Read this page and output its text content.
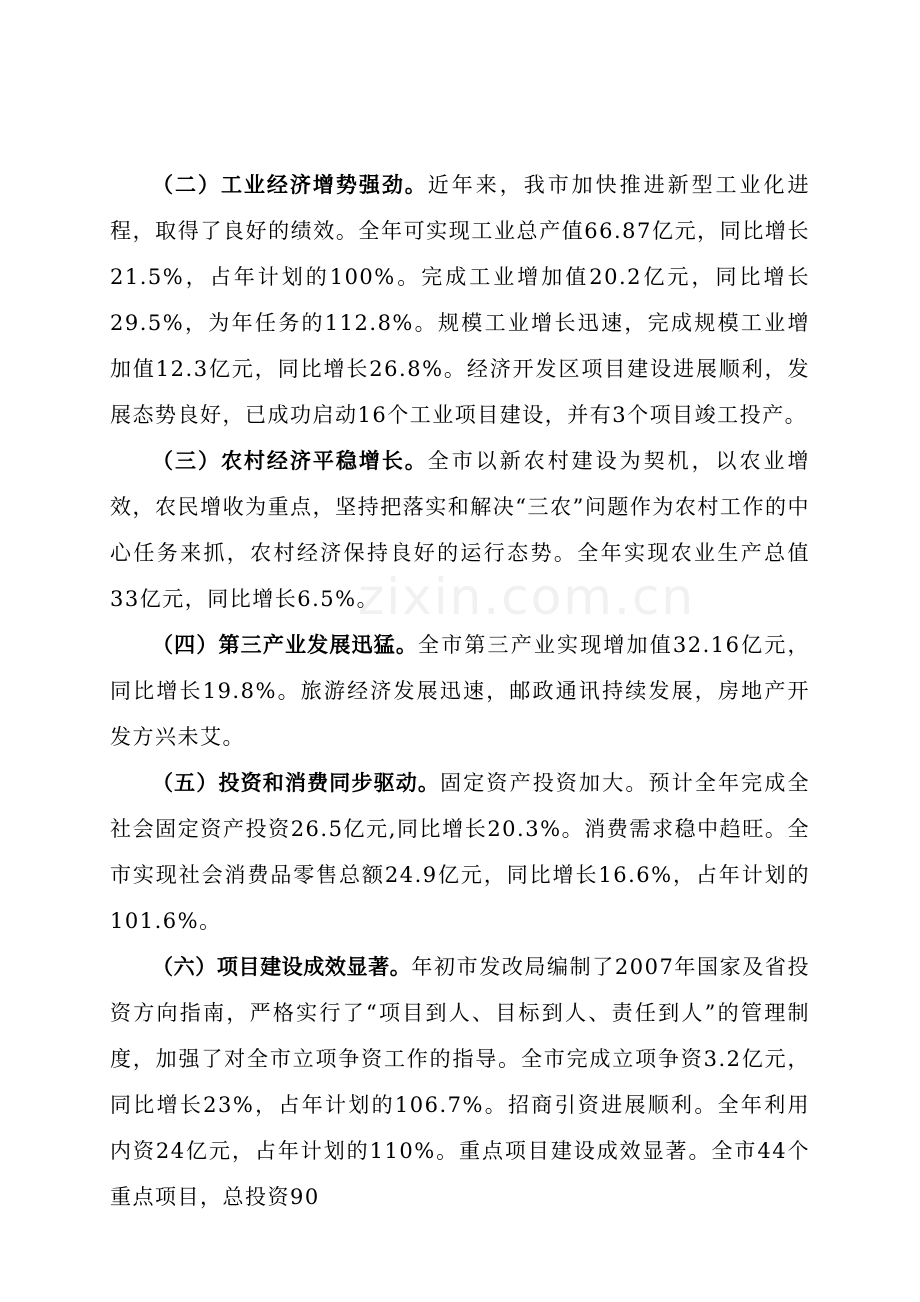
zixin.com.cn

（二）工业经济增势强劲。近年来，我市加快推进新型工业化进程，取得了良好的绩效。全年可实现工业总产值66.87亿元，同比增长21.5%，占年计划的100%。完成工业增加值20.2亿元，同比增长29.5%，为年任务的112.8%。规模工业增长迅速，完成规模工业增加值12.3亿元，同比增长26.8%。经济开发区项目建设进展顺利，发展态势良好，已成功启动16个工业项目建设，并有3个项目竣工投产。

（三）农村经济平稳增长。全市以新农村建设为契机，以农业增效，农民增收为重点，坚持把落实和解决“三农”问题作为农村工作的中心任务来抓，农村经济保持良好的运行态势。全年实现农业生产总值33亿元，同比增长6.5%。

（四）第三产业发展迅猛。全市第三产业实现增加值32.16亿元，同比增长19.8%。旅游经济发展迅速，邮政通讯持续发展，房地产开发方兴未艾。

（五）投资和消费同步驱动。固定资产投资加大。预计全年完成全社会固定资产投资26.5亿元,同比增长20.3%。消费需求稳中趋旺。全市实现社会消费品零售总额24.9亿元，同比增长16.6%，占年计划的101.6%。

（六）项目建设成效显著。年初市发改局编制了2007年国家及省投资方向指南，严格实行了“项目到人、目标到人、责任到人”的管理制度，加强了对全市立项争资工作的指导。全市完成立项争资3.2亿元，同比增长23%，占年计划的106.7%。招商引资进展顺利。全年利用内资24亿元，占年计划的110%。重点项目建设成效显著。全市44个重点项目，总投资90
